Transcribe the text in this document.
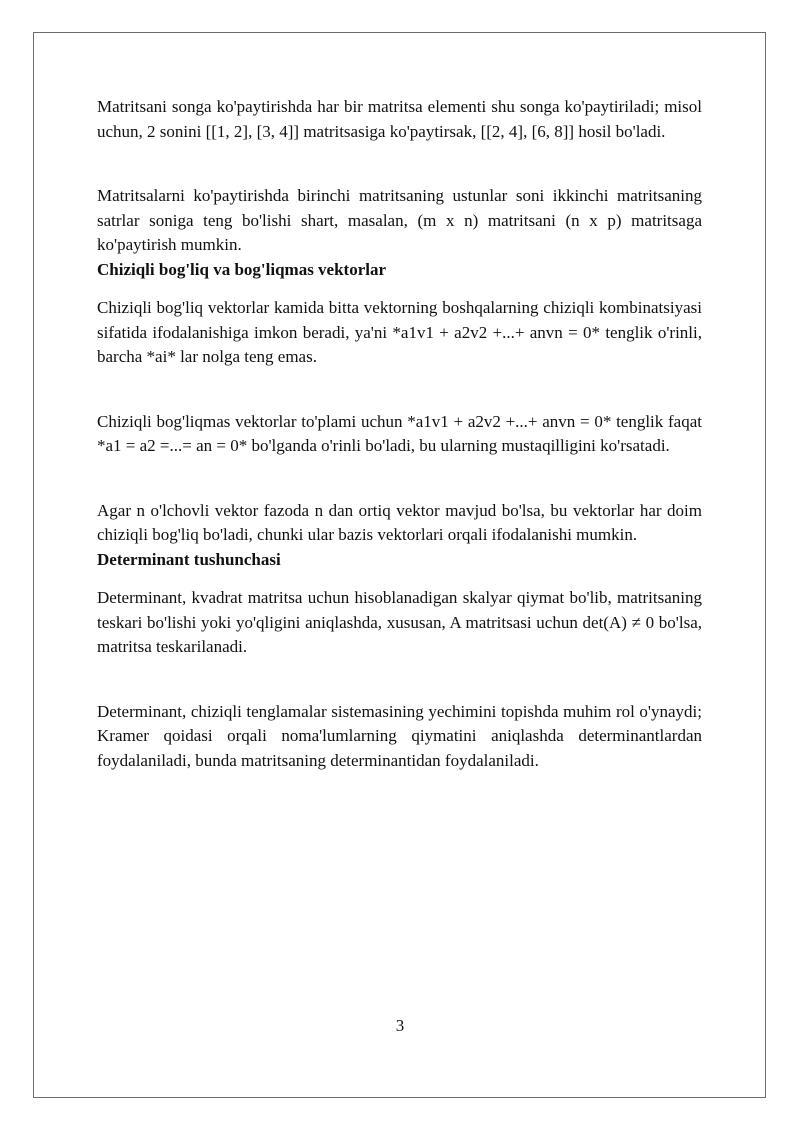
Matritsani songa ko'paytirishda har bir matritsa elementi shu songa ko'paytiriladi; misol uchun, 2 sonini [[1, 2], [3, 4]] matritsasiga ko'paytirsak, [[2, 4], [6, 8]] hosil bo'ladi.

Matritsalarni ko'paytirishda birinchi matritsaning ustunlar soni ikkinchi matritsaning satrlar soniga teng bo'lishi shart, masalan, (m x n) matritsani (n x p) matritsaga ko'paytirish mumkin.

Chiziqli bog'liq va bog'liqmas vektorlar

Chiziqli bog'liq vektorlar kamida bitta vektorning boshqalarning chiziqli kombinatsiyasi sifatida ifodalanishiga imkon beradi, ya'ni *a1v1 + a2v2 +...+ anvn = 0* tenglik o'rinli, barcha *ai* lar nolga teng emas.

Chiziqli bog'liqmas vektorlar to'plami uchun *a1v1 + a2v2 +...+ anvn = 0* tenglik faqat *a1 = a2 =...= an = 0* bo'lganda o'rinli bo'ladi, bu ularning mustaqilligini ko'rsatadi.

Agar n o'lchovli vektor fazoda n dan ortiq vektor mavjud bo'lsa, bu vektorlar har doim chiziqli bog'liq bo'ladi, chunki ular bazis vektorlari orqali ifodalanishi mumkin.

Determinant tushunchasi

Determinant, kvadrat matritsa uchun hisoblanadigan skalyar qiymat bo'lib, matritsaning teskari bo'lishi yoki yo'qligini aniqlashda, xususan, A matritsasi uchun det(A) ≠ 0 bo'lsa, matritsa teskarilanadi.

Determinant, chiziqli tenglamalar sistemasining yechimini topishda muhim rol o'ynaydi; Kramer qoidasi orqali noma'lumlarning qiymatini aniqlashda determinantlardan foydalaniladi, bunda matritsaning determinantidan foydalaniladi.

3
